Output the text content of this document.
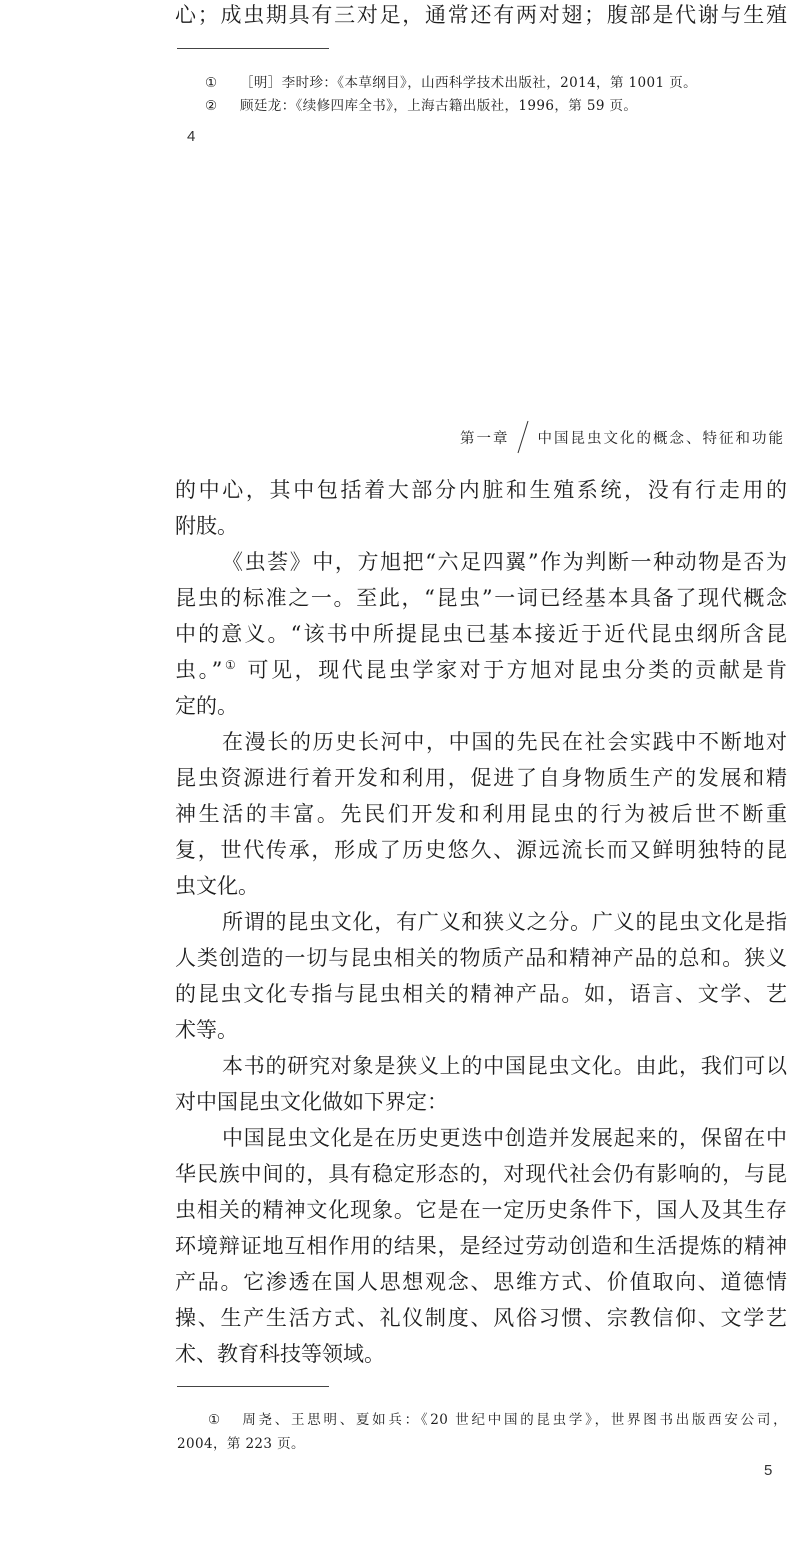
心；成虫期具有三对足，通常还有两对翅；腹部是代谢与生殖
① ［明］李时珍：《本草纲目》，山西科学技术出版社，2014，第 1001 页。
② 顾廷龙：《续修四库全书》，上海古籍出版社，1996，第 59 页。
4
第一章 中国昆虫文化的概念、特征和功能
的中心，其中包括着大部分内脏和生殖系统，没有行走用的
附肢。
《虫荟》中，方旭把“六足四翼”作为判断一种动物是否为
昆虫的标准之一。至此，“昆虫”一词已经基本具备了现代概念
中的意义。“该书中所提昆虫已基本接近于近代昆虫纲所含昆
虫。”① 可见，现代昆虫学家对于方旭对昆虫分类的贡献是肯
定的。
在漫长的历史长河中，中国的先民在社会实践中不断地对
昆虫资源进行着开发和利用，促进了自身物质生产的发展和精
神生活的丰富。先民们开发和利用昆虫的行为被后世不断重
复，世代传承，形成了历史悠久、源远流长而又鲜明独特的昆
虫文化。
所谓的昆虫文化，有广义和狭义之分。广义的昆虫文化是指
人类创造的一切与昆虫相关的物质产品和精神产品的总和。狭义
的昆虫文化专指与昆虫相关的精神产品。如，语言、文学、艺
术等。
本书的研究对象是狭义上的中国昆虫文化。由此，我们可以
对中国昆虫文化做如下界定：
中国昆虫文化是在历史更迭中创造并发展起来的，保留在中
华民族中间的，具有稳定形态的，对现代社会仍有影响的，与昆
虫相关的精神文化现象。它是在一定历史条件下，国人及其生存
环境辩证地互相作用的结果，是经过劳动创造和生活提炼的精神
产品。它渗透在国人思想观念、思维方式、价值取向、道德情
操、生产生活方式、礼仪制度、风俗习惯、宗教信仰、文学艺
术、教育科技等领域。
① 周尧、王思明、夏如兵：《20 世纪中国的昆虫学》，世界图书出版西安公司，
2004，第 223 页。
5
